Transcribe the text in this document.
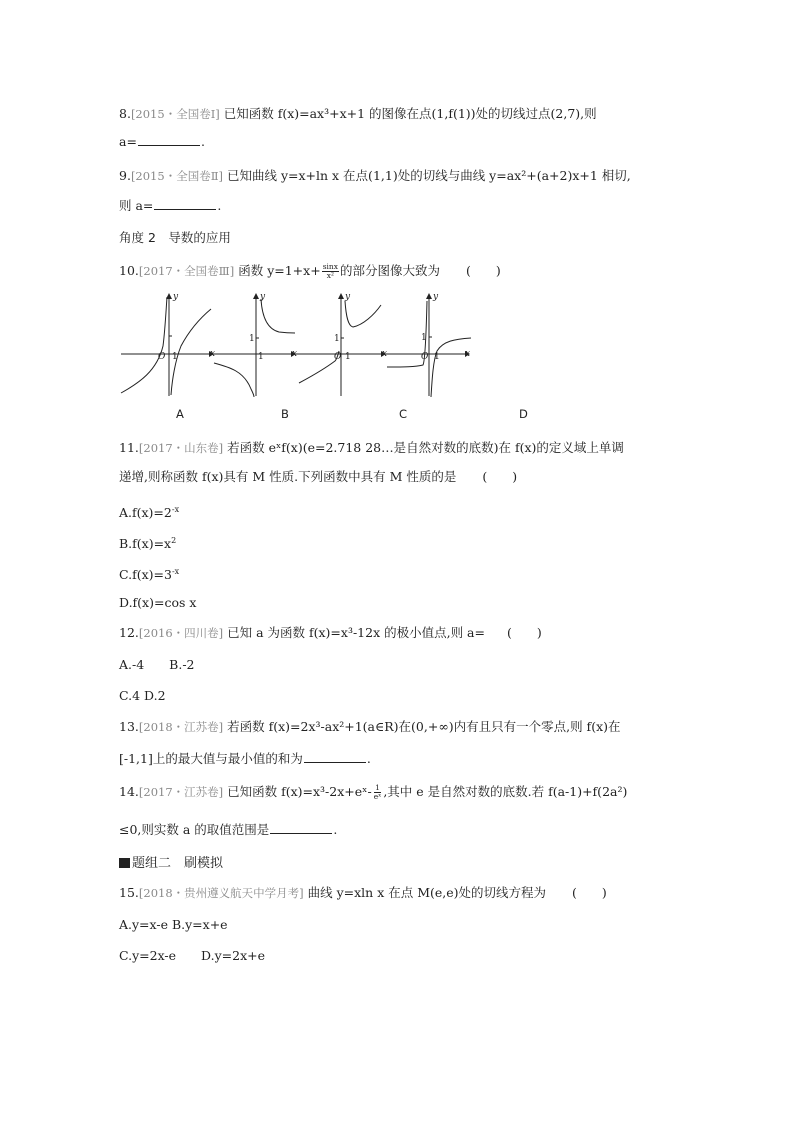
8.[2015・全国卷Ⅰ] 已知函数 f(x)=ax³+x+1 的图像在点(1,f(1))处的切线过点(2,7),则
a=	.
9.[2015・全国卷Ⅱ] 已知曲线 y=x+ln x 在点(1,1)处的切线与曲线 y=ax²+(a+2)x+1 相切,
则 a=	.
角度 2　导数的应用
10.[2017・全国卷Ⅲ] 函数 $y=1+x+ \frac{\sin x}{\text{x²}}$ 的部分图像大致为 (　　)
y
x
O 1
y
x
1
1
y
x
O
1
1
y
x
O
1
1
A	B	C	D
11.[2017・山东卷] 若函数 eˣf(x)(e=2.718 28…是自然对数的底数)在 f(x)的定义域上单调
递增,则称函数 f(x)具有 M 性质.下列函数中具有 M 性质的是 (　　)
$A.f(x)=2^{-x}$
$B.f(x)=x^2$
$C.f(x)=3^{-x}$
D.f(x)=cos x
12.[2016・四川卷] 已知 a 为函数 f(x)=x³-12x 的极小值点,则 a= (　　)
A.-4　　B.-2
C.4 D.2
13.[2018・江苏卷] 若函数 f(x)=2x³-ax²+1(a∈R)在(0,+∞)内有且只有一个零点,则 f(x)在
[-1,1]上的最大值与最小值的和为	.
14.[2017・江苏卷] 已知函数 f(x)=x³-2x+eˣ- $\frac{1}{\text{eˣ}}$ ,其中 e 是自然对数的底数.若 f(a-1)+f(2a²)
≤0,则实数 a 的取值范围是	.
题组二　刷模拟
15.[2018・贵州遵义航天中学月考] 曲线 y=xln x 在点 M(e,e)处的切线方程为 (　　)
A.y=x-e B.y=x+e
C.y=2x-e　　D.y=2x+e
